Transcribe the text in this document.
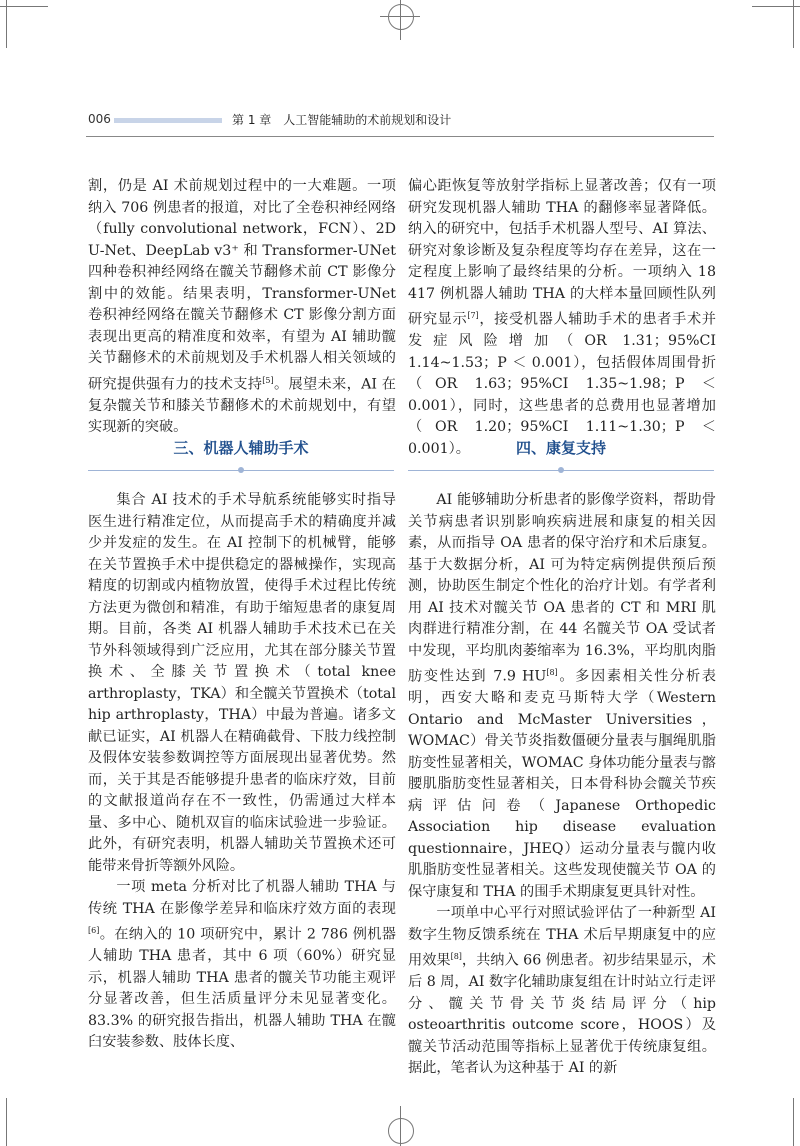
006	第 1 章　人工智能辅助的术前规划和设计

割，仍是 AI 术前规划过程中的一大难题。一项纳入 706 例患者的报道，对比了全卷积神经网络（fully convolutional network，FCN）、2D U-Net、DeepLab v3⁺ 和 Transformer-UNet 四种卷积神经网络在髋关节翻修术前 CT 影像分割中的效能。结果表明，Transformer-UNet 卷积神经网络在髋关节翻修术 CT 影像分割方面表现出更高的精准度和效率，有望为 AI 辅助髋关节翻修术的术前规划及手术机器人相关领域的研究提供强有力的技术支持[5]。展望未来，AI 在复杂髋关节和膝关节翻修术的术前规划中，有望实现新的突破。

三、机器人辅助手术

集合 AI 技术的手术导航系统能够实时指导医生进行精准定位，从而提高手术的精确度并减少并发症的发生。在 AI 控制下的机械臂，能够在关节置换手术中提供稳定的器械操作，实现高精度的切割或内植物放置，使得手术过程比传统方法更为微创和精准，有助于缩短患者的康复周期。目前，各类 AI 机器人辅助手术技术已在关节外科领域得到广泛应用，尤其在部分膝关节置换术、全膝关节置换术（total knee arthroplasty，TKA）和全髋关节置换术（total hip arthroplasty，THA）中最为普遍。诸多文献已证实，AI 机器人在精确截骨、下肢力线控制及假体安装参数调控等方面展现出显著优势。然而，关于其是否能够提升患者的临床疗效，目前的文献报道尚存在不一致性，仍需通过大样本量、多中心、随机双盲的临床试验进一步验证。此外，有研究表明，机器人辅助关节置换术还可能带来骨折等额外风险。

一项 meta 分析对比了机器人辅助 THA 与传统 THA 在影像学差异和临床疗效方面的表现[6]。在纳入的 10 项研究中，累计 2 786 例机器人辅助 THA 患者，其中 6 项（60%）研究显示，机器人辅助 THA 患者的髋关节功能主观评分显著改善，但生活质量评分未见显著变化。83.3% 的研究报告指出，机器人辅助 THA 在髋臼安装参数、肢体长度、

偏心距恢复等放射学指标上显著改善；仅有一项研究发现机器人辅助 THA 的翻修率显著降低。纳入的研究中，包括手术机器人型号、AI 算法、研究对象诊断及复杂程度等均存在差异，这在一定程度上影响了最终结果的分析。一项纳入 18 417 例机器人辅助 THA 的大样本量回顾性队列研究显示[7]，接受机器人辅助手术的患者手术并发症风险增加（OR 1.31；95%CI 1.14~1.53；P ＜ 0.001），包括假体周围骨折（OR 1.63；95%CI 1.35~1.98；P ＜ 0.001），同时，这些患者的总费用也显著增加（OR 1.20；95%CI 1.11~1.30；P ＜ 0.001）。	四、康复支持

AI 能够辅助分析患者的影像学资料，帮助骨关节病患者识别影响疾病进展和康复的相关因素，从而指导 OA 患者的保守治疗和术后康复。基于大数据分析，AI 可为特定病例提供预后预测，协助医生制定个性化的治疗计划。有学者利用 AI 技术对髋关节 OA 患者的 CT 和 MRI 肌肉群进行精准分割，在 44 名髋关节 OA 受试者中发现，平均肌肉萎缩率为 16.3%，平均肌肉脂肪变性达到 7.9 HU[8]。多因素相关性分析表明，西安大略和麦克马斯特大学（Western Ontario and McMaster Universities，WOMAC）骨关节炎指数僵硬分量表与腘绳肌脂肪变性显著相关，WOMAC 身体功能分量表与髂腰肌脂肪变性显著相关，日本骨科协会髋关节疾病评估问卷（Japanese Orthopedic Association hip disease evaluation questionnaire，JHEQ）运动分量表与髋内收肌脂肪变性显著相关。这些发现使髋关节 OA 的保守康复和 THA 的围手术期康复更具针对性。

一项单中心平行对照试验评估了一种新型 AI 数字生物反馈系统在 THA 术后早期康复中的应用效果[8]，共纳入 66 例患者。初步结果显示，术后 8 周，AI 数字化辅助康复组在计时站立行走评分、髋关节骨关节炎结局评分（hip osteoarthritis outcome score，HOOS）及髋关节活动范围等指标上显著优于传统康复组。据此，笔者认为这种基于 AI 的新
